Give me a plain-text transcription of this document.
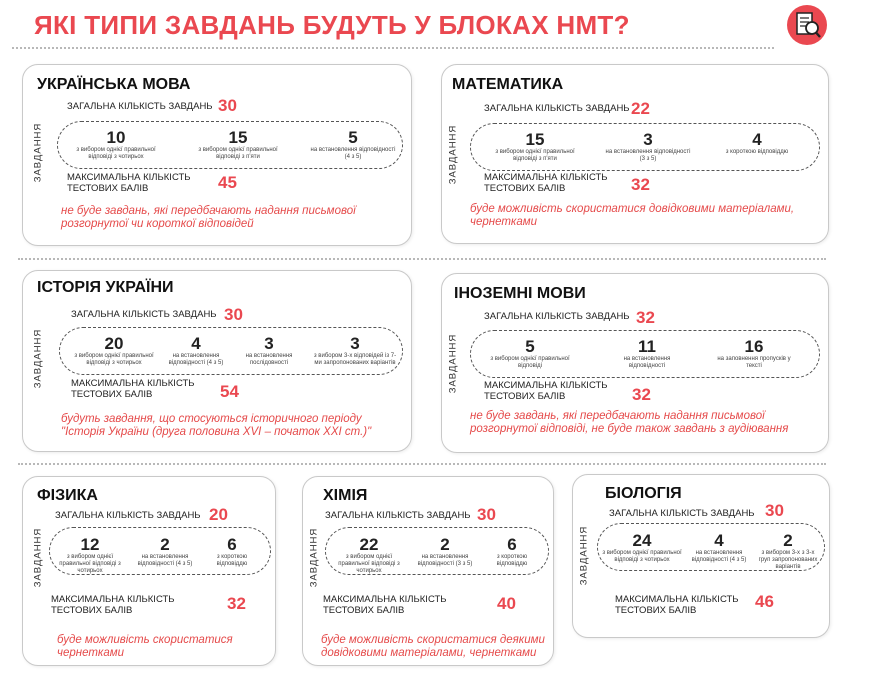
ЯКІ ТИПИ ЗАВДАНЬ БУДУТЬ У БЛОКАХ НМТ?
УКРАЇНСЬКА МОВА
ЗАГАЛЬНА КІЛЬКІСТЬ ЗАВДАНЬ 30
ЗАВДАННЯ	10
з вибором однієї правильної відповіді з чотирьох
15
з вибором однієї правильної відповіді з п'яти
5
на встановлення відповідності (4 з 5)
МАКСИМАЛЬНА КІЛЬКІСТЬ
ТЕСТОВИХ БАЛІВ	45
не буде завдань, які передбачають надання письмової
розгорнутої чи короткої відповідей
МАТЕМАТИКА
ЗАГАЛЬНА КІЛЬКІСТЬ ЗАВДАНЬ 22
ЗАВДАННЯ	15
з вибором однієї правильної відповіді з п'яти
3
на встановлення відповідності (3 з 5)
4
з короткою відповіддю
МАКСИМАЛЬНА КІЛЬКІСТЬ
ТЕСТОВИХ БАЛІВ	32
буде можливість скористатися довідковими матеріалами,
чернетками
ІСТОРІЯ УКРАЇНИ
ЗАГАЛЬНА КІЛЬКІСТЬ ЗАВДАНЬ 30
ЗАВДАННЯ	20
з вибором однієї правильної відповіді з чотирьох
4
на встановлення відповідності (4 з 5)
3
на встановлення послідовності
3
з вибором 3-х відповідей із 7-ми запропонованих варіантів
МАКСИМАЛЬНА КІЛЬКІСТЬ
ТЕСТОВИХ БАЛІВ	54
будуть завдання, що стосуються історичного періоду
"Історія України (друга половина XVI – початок XXI ст.)"
ІНОЗЕМНІ МОВИ
ЗАГАЛЬНА КІЛЬКІСТЬ ЗАВДАНЬ 32
ЗАВДАННЯ	5
з вибором однієї правильної відповіді
11
на встановлення відповідності
16
на заповнення пропусків у тексті
МАКСИМАЛЬНА КІЛЬКІСТЬ
ТЕСТОВИХ БАЛІВ	32
не буде завдань, які передбачають надання письмової
розгорнутої відповіді, не буде також завдань з аудіювання
ФІЗИКА
ЗАГАЛЬНА КІЛЬКІСТЬ ЗАВДАНЬ 20
ЗАВДАННЯ	12
з вибором однієї правильної відповіді з чотирьох
2
на встановлення відповідності (4 з 5)
6
з короткою відповіддю
МАКСИМАЛЬНА КІЛЬКІСТЬ
ТЕСТОВИХ БАЛІВ	32
буде можливість скористатися
чернетками
ХІМІЯ
ЗАГАЛЬНА КІЛЬКІСТЬ ЗАВДАНЬ 30
ЗАВДАННЯ	22
з вибором однієї правильної відповіді з чотирьох
2
на встановлення відповідності (3 з 5)
6
з короткою відповіддю
МАКСИМАЛЬНА КІЛЬКІСТЬ
ТЕСТОВИХ БАЛІВ	40
буде можливість скористатися деякими
довідковими матеріалами, чернетками
БІОЛОГІЯ
ЗАГАЛЬНА КІЛЬКІСТЬ ЗАВДАНЬ 30
ЗАВДАННЯ	24
з вибором однієї правильної відповіді з чотирьох
4
на встановлення відповідності (4 з 5)
2
з вибором 3-х з 3-х груп запропонованих варіантів
МАКСИМАЛЬНА КІЛЬКІСТЬ
ТЕСТОВИХ БАЛІВ	46
